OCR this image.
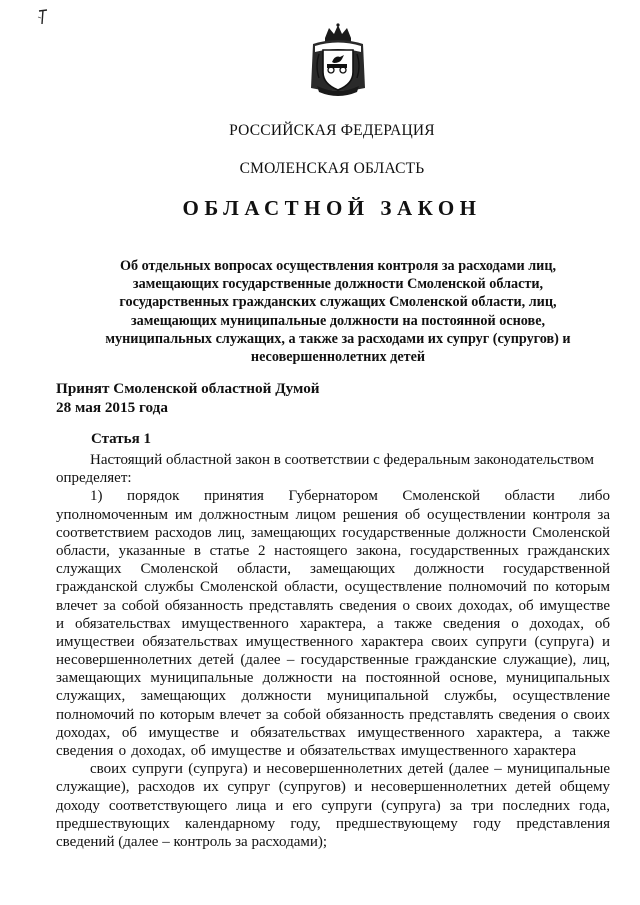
РОССИЙСКАЯ ФЕДЕРАЦИЯ
СМОЛЕНСКАЯ ОБЛАСТЬ
ОБЛАСТНОЙ ЗАКОН
Об отдельных вопросах осуществления контроля за расходами лиц,
замещающих государственные должности Смоленской области,
государственных гражданских служащих Смоленской области, лиц,
замещающих муниципальные должности на постоянной основе,
муниципальных служащих, а также за расходами их супруг (супругов) и
несовершеннолетних детей
Принят Смоленской областной Думой
28 мая 2015 года
Статья 1
Настоящий областной закон в соответствии с федеральным законодательством
определяет:
1) порядок принятия Губернатором Смоленской области либо
уполномоченным им должностным лицом решения об осуществлении контроля за
соответствием расходов лиц, замещающих государственные должности Смоленской
области, указанные в статье 2 настоящего закона, государственных гражданских
служащих Смоленской области, замещающих должности государственной
гражданской службы Смоленской области, осуществление полномочий по которым
влечет за собой обязанность представлять сведения о своих доходах, об имуществе
и обязательствах имущественного характера, а также сведения о доходах, об
имуществеи обязательствах имущественного характера своих супруги (супруга) и
несовершеннолетних детей (далее – государственные гражданские служащие), лиц,
замещающих муниципальные должности на постоянной основе, муниципальных
служащих, замещающих должности муниципальной службы, осуществление
полномочий по которым влечет за собой обязанность представлять сведения о своих
доходах, об имуществе и обязательствах имущественного характера, а также
сведения о доходах, об имуществе и обязательствах имущественного характера
своих супруги (супруга) и несовершеннолетних детей (далее – муниципальные
служащие), расходов их супруг (супругов) и несовершеннолетних детей общему
доходу соответствующего лица и его супруги (супруга) за три последних года,
предшествующих календарному году, предшествующему году представления
сведений (далее – контроль за расходами);
